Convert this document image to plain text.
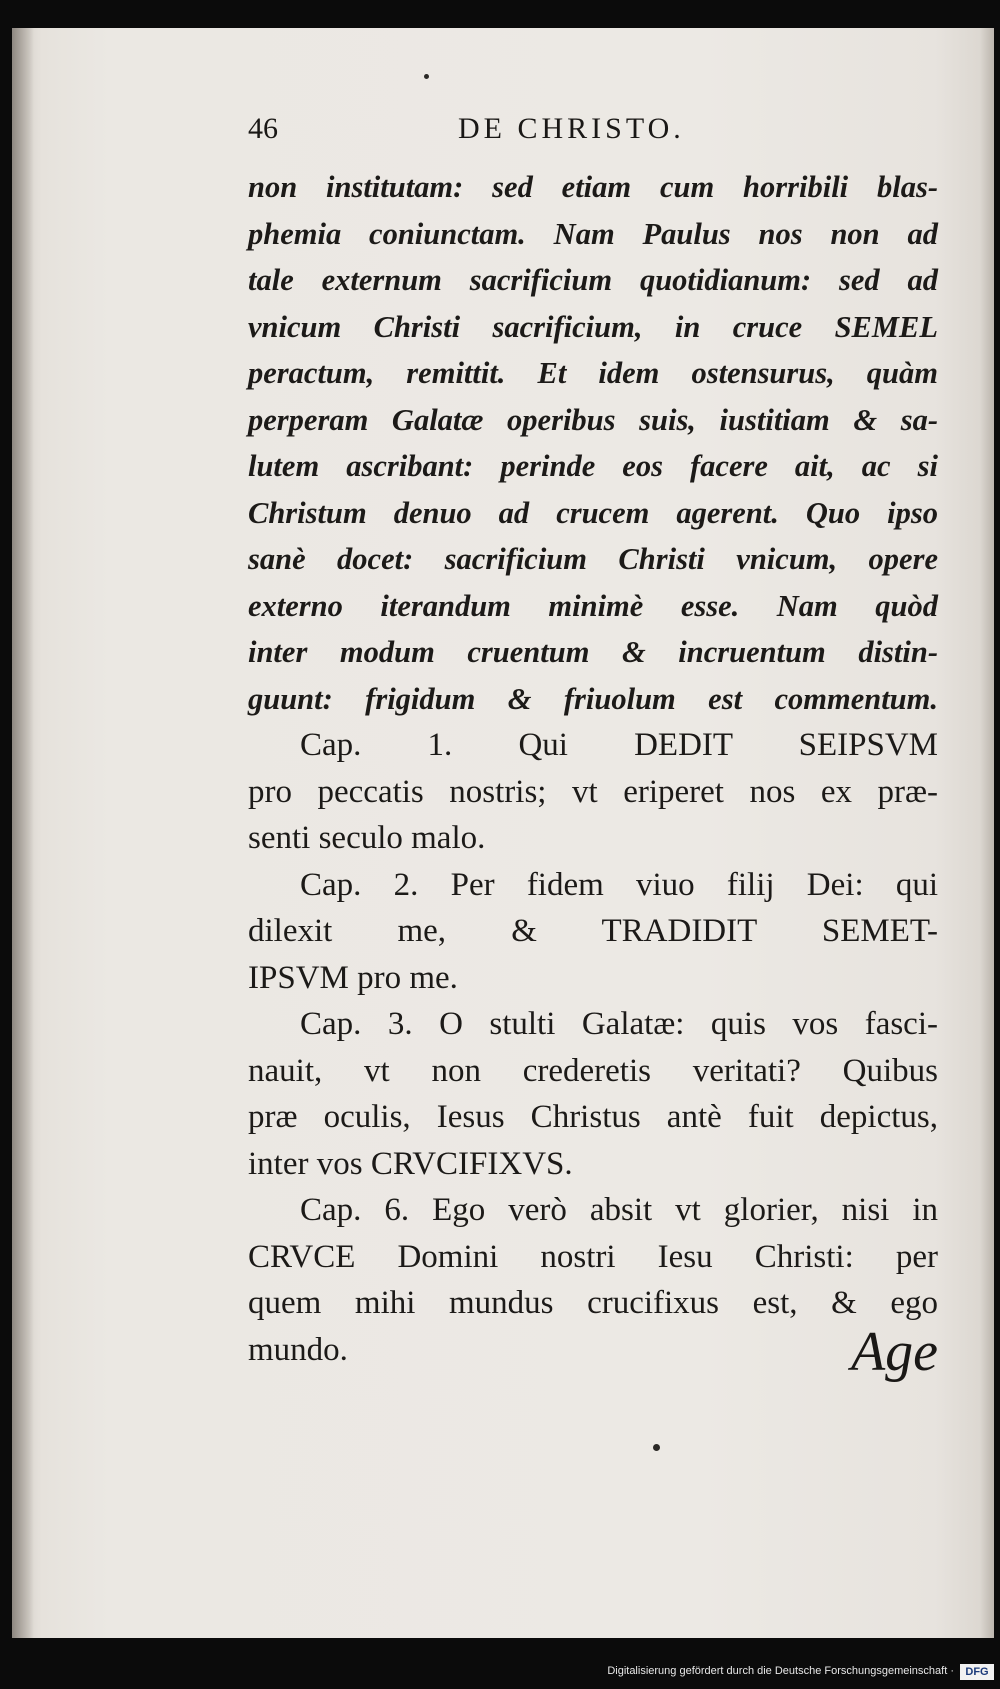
46	DE CHRISTO.
non institutam: sed etiam cum horribili blas-
phemia coniunctam. Nam Paulus nos non ad
tale externum sacrificium quotidianum: sed ad
vnicum Christi sacrificium, in cruce SEMEL
peractum, remittit. Et idem ostensurus, quàm
perperam Galatæ operibus suis, iustitiam & sa-
lutem ascribant: perinde eos facere ait, ac si
Christum denuo ad crucem agerent. Quo ipso
sanè docet: sacrificium Christi vnicum, opere
externo iterandum minimè esse. Nam quòd
inter modum cruentum & incruentum distin-
guunt: frigidum & friuolum est commentum.
Cap. 1. Qui DEDIT SEIPSVM
pro peccatis nostris; vt eriperet nos ex præ-
senti seculo malo.
Cap. 2. Per fidem viuo filij Dei: qui
dilexit me, & TRADIDIT SEMET-
IPSVM pro me.
Cap. 3. O stulti Galatæ: quis vos fasci-
nauit, vt non crederetis veritati? Quibus
præ oculis, Iesus Christus antè fuit depictus,
inter vos CRVCIFIXVS.
Cap. 6. Ego verò absit vt glorier, nisi in
CRVCE Domini nostri Iesu Christi: per
quem mihi mundus crucifixus est, & ego
mundo.	Age
Digitalisierung gefördert durch die Deutsche Forschungsgemeinschaft ·	DFG
